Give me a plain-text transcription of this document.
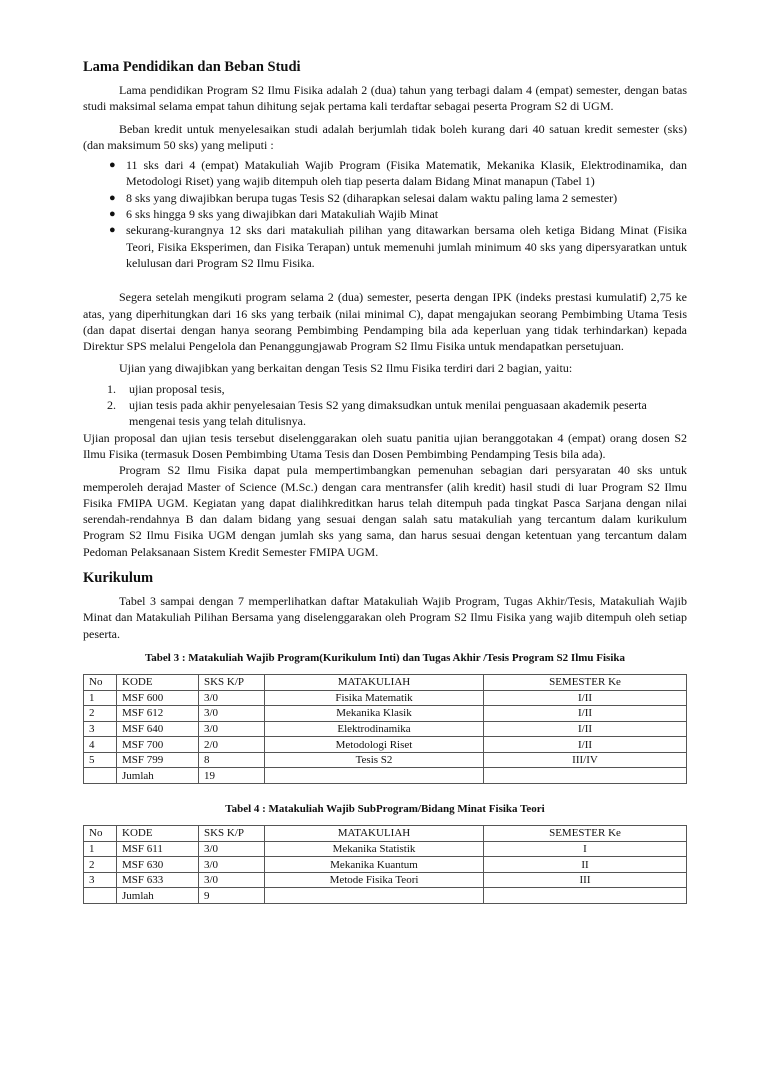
Lama Pendidikan dan Beban Studi

Lama pendidikan Program S2 Ilmu Fisika adalah 2 (dua) tahun yang terbagi dalam 4 (empat) semester, dengan batas studi maksimal selama empat tahun dihitung sejak pertama kali terdaftar sebagai peserta Program S2 di UGM.

Beban kredit untuk menyelesaikan studi adalah berjumlah tidak boleh kurang dari 40 satuan kredit semester (sks) (dan maksimum 50 sks) yang meliputi :

● 11 sks dari 4 (empat) Matakuliah Wajib Program (Fisika Matematik, Mekanika Klasik, Elektrodinamika, dan Metodologi Riset) yang wajib ditempuh oleh tiap peserta dalam Bidang Minat manapun (Tabel 1)
● 8 sks yang diwajibkan berupa tugas Tesis S2 (diharapkan selesai dalam waktu paling lama 2 semester)
● 6 sks hingga 9 sks yang diwajibkan dari Matakuliah Wajib Minat
● sekurang-kurangnya 12 sks dari matakuliah pilihan yang ditawarkan bersama oleh ketiga Bidang Minat (Fisika Teori, Fisika Eksperimen, dan Fisika Terapan) untuk memenuhi jumlah minimum 40 sks yang dipersyaratkan untuk kelulusan dari Program S2 Ilmu Fisika.

Segera setelah mengikuti program selama 2 (dua) semester, peserta dengan IPK (indeks prestasi kumulatif) 2,75 ke atas, yang diperhitungkan dari 16 sks yang terbaik (nilai minimal C), dapat mengajukan seorang Pembimbing Utama Tesis (dan dapat disertai dengan hanya seorang Pembimbing Pendamping bila ada keperluan yang tidak terhindarkan) kepada Direktur SPS melalui Pengelola dan Penanggungjawab Program S2 Ilmu Fisika untuk mendapatkan persetujuan.

Ujian yang diwajibkan yang berkaitan dengan Tesis S2 Ilmu Fisika terdiri dari 2 bagian, yaitu:

1. ujian proposal tesis,
2. ujian tesis pada akhir penyelesaian Tesis S2 yang dimaksudkan untuk menilai penguasaan akademik peserta mengenai tesis yang telah ditulisnya.

Ujian proposal dan ujian tesis tersebut diselenggarakan oleh suatu panitia ujian beranggotakan 4 (empat) orang dosen S2 Ilmu Fisika (termasuk Dosen Pembimbing Utama Tesis dan Dosen Pembimbing Pendamping Tesis bila ada).

Program S2 Ilmu Fisika dapat pula mempertimbangkan pemenuhan sebagian dari persyaratan 40 sks untuk memperoleh derajad Master of Science (M.Sc.) dengan cara mentransfer (alih kredit) hasil studi di luar Program S2 Ilmu Fisika FMIPA UGM. Kegiatan yang dapat dialihkreditkan harus telah ditempuh pada tingkat Pasca Sarjana dengan nilai serendah-rendahnya B dan dalam bidang yang sesuai dengan salah satu matakuliah yang tercantum dalam kurikulum Program S2 Ilmu Fisika UGM dengan jumlah sks yang sama, dan harus sesuai dengan ketentuan yang tercantum dalam Pedoman Pelaksanaan Sistem Kredit Semester FMIPA UGM.

Kurikulum

Tabel 3 sampai dengan 7 memperlihatkan daftar Matakuliah Wajib Program, Tugas Akhir/Tesis, Matakuliah Wajib Minat dan Matakuliah Pilihan Bersama yang diselenggarakan oleh Program S2 Ilmu Fisika yang wajib ditempuh oleh setiap peserta.

Tabel 3 : Matakuliah Wajib Program(Kurikulum Inti) dan Tugas Akhir /Tesis Program S2 Ilmu Fisika
No	KODE	SKS K/P	MATAKULIAH	SEMESTER Ke
1	MSF 600	3/0	Fisika Matematik	I/II
2	MSF 612	3/0	Mekanika Klasik	I/II
3	MSF 640	3/0	Elektrodinamika	I/II
4	MSF 700	2/0	Metodologi Riset	I/II
5	MSF 799	8	Tesis S2	III/IV
	Jumlah	19		
Tabel 4 : Matakuliah Wajib SubProgram/Bidang Minat Fisika Teori
No	KODE	SKS K/P	MATAKULIAH	SEMESTER Ke
1	MSF 611	3/0	Mekanika Statistik	I
2	MSF 630	3/0	Mekanika Kuantum	II
3	MSF 633	3/0	Metode Fisika Teori	III
	Jumlah	9		
